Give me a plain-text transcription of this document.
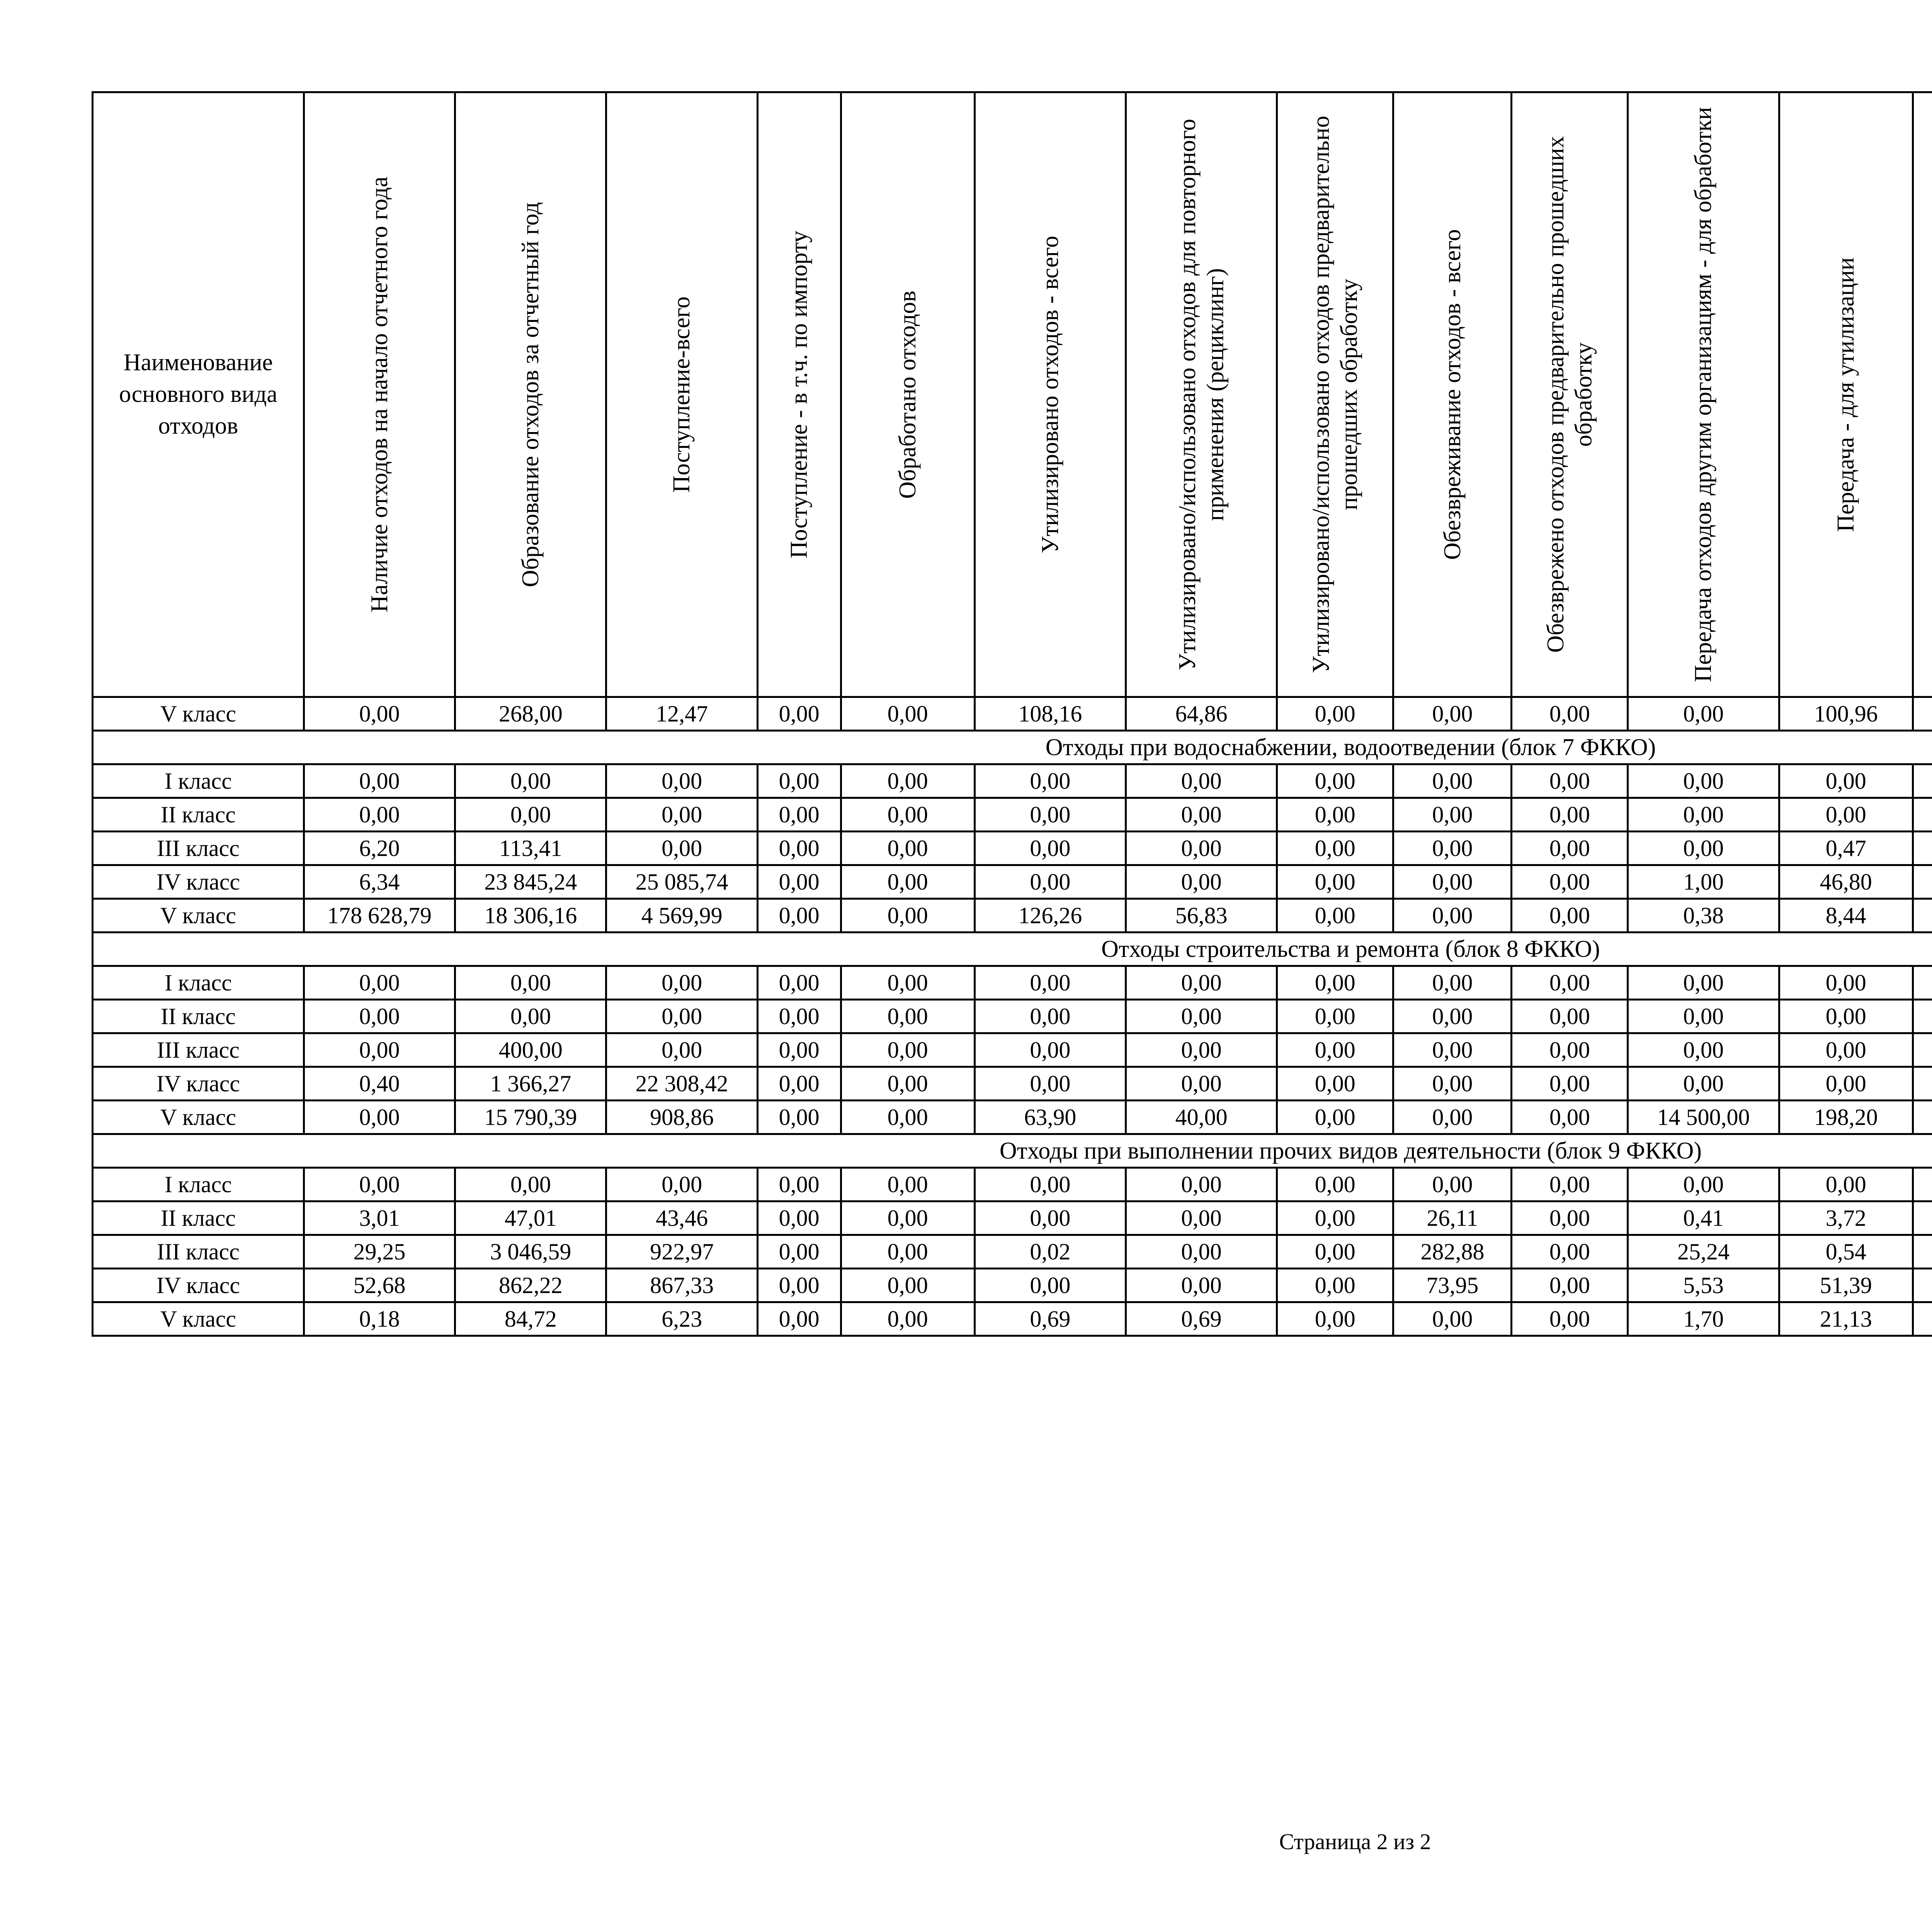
Наименование основного вида отходов	Наличие отходов на начало отчетного года	Образование отходов за отчетный год	Поступление-всего	Поступление - в т.ч. по импорту	Обработано отходов	Утилизировано отходов - всего	Утилизировано/использовано отходов для повторного применения (рециклинг)	Утилизировано/использовано отходов предварительно прошедших обработку	Обезвреживание отходов - всего	Обезврежено отходов предварительно прошедших обработку	Передача отходов другим организациям - для обработки	Передача - для утилизации

V класс	0,00	268,00	12,47	0,00	0,00	108,16	64,86	0,00	0,00	0,00	0,00	100,96						
Отходы при водоснабжении, водоотведении (блок 7 ФККО)																		
I класс	0,00	0,00	0,00	0,00	0,00	0,00	0,00	0,00	0,00	0,00	0,00	0,00						
II класс	0,00	0,00	0,00	0,00	0,00	0,00	0,00	0,00	0,00	0,00	0,00	0,00						
III класс	6,20	113,41	0,00	0,00	0,00	0,00	0,00	0,00	0,00	0,00	0,00	0,47						
IV класс	6,34	23 845,24	25 085,74	0,00	0,00	0,00	0,00	0,00	0,00	0,00	1,00	46,80						
V класс	178 628,79	18 306,16	4 569,99	0,00	0,00	126,26	56,83	0,00	0,00	0,00	0,38	8,44						
Отходы строительства и ремонта (блок 8 ФККО)																		
I класс	0,00	0,00	0,00	0,00	0,00	0,00	0,00	0,00	0,00	0,00	0,00	0,00						
II класс	0,00	0,00	0,00	0,00	0,00	0,00	0,00	0,00	0,00	0,00	0,00	0,00						
III класс	0,00	400,00	0,00	0,00	0,00	0,00	0,00	0,00	0,00	0,00	0,00	0,00						
IV класс	0,40	1 366,27	22 308,42	0,00	0,00	0,00	0,00	0,00	0,00	0,00	0,00	0,00						
V класс	0,00	15 790,39	908,86	0,00	0,00	63,90	40,00	0,00	0,00	0,00	14 500,00	198,20						
Отходы при выполнении прочих видов деятельности (блок 9 ФККО)																		
I класс	0,00	0,00	0,00	0,00	0,00	0,00	0,00	0,00	0,00	0,00	0,00	0,00						
II класс	3,01	47,01	43,46	0,00	0,00	0,00	0,00	0,00	26,11	0,00	0,41	3,72						
III класс	29,25	3 046,59	922,97	0,00	0,00	0,02	0,00	0,00	282,88	0,00	25,24	0,54						
IV класс	52,68	862,22	867,33	0,00	0,00	0,00	0,00	0,00	73,95	0,00	5,53	51,39						
V класс	0,18	84,72	6,23	0,00	0,00	0,69	0,69	0,00	0,00	0,00	1,70	21,13						
Страница 2 из 2
